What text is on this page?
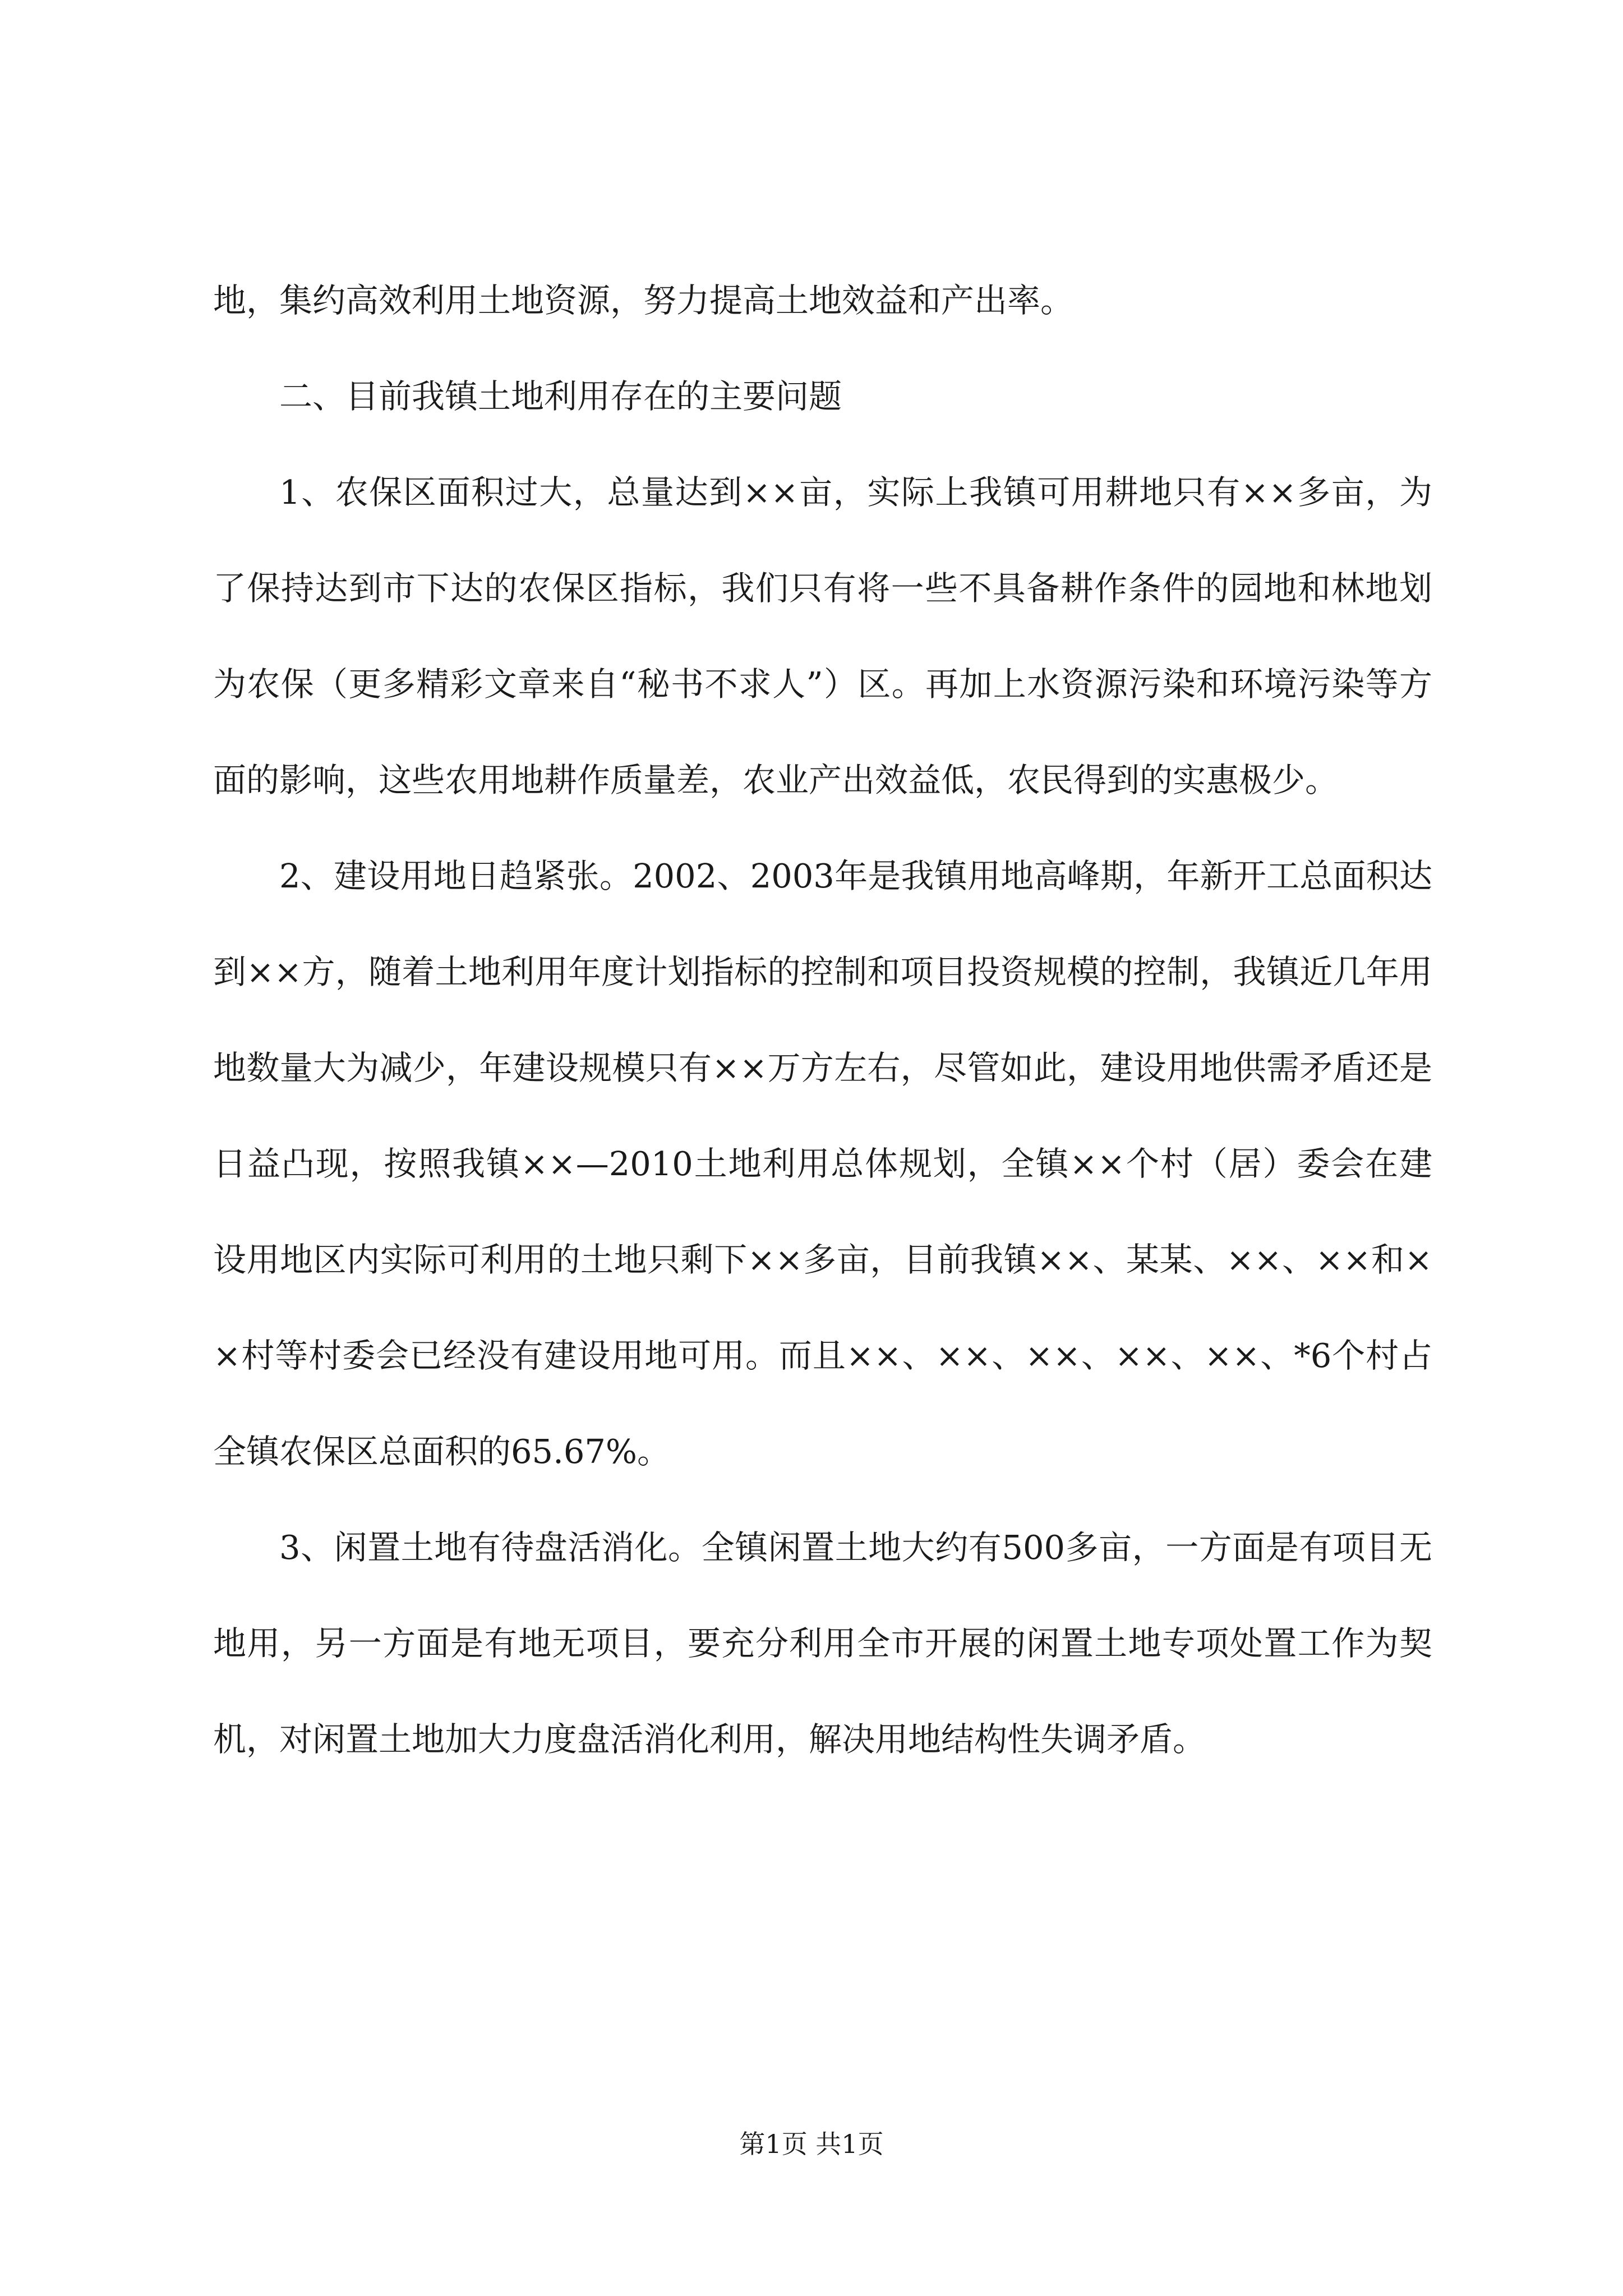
地，集约高效利用土地资源，努力提高土地效益和产出率。

二、目前我镇土地利用存在的主要问题

1、农保区面积过大，总量达到××亩，实际上我镇可用耕地只有××多亩，为了保持达到市下达的农保区指标，我们只有将一些不具备耕作条件的园地和林地划为农保（更多精彩文章来自“秘书不求人”）区。再加上水资源污染和环境污染等方面的影响，这些农用地耕作质量差，农业产出效益低，农民得到的实惠极少。

2、建设用地日趋紧张。2002、2003年是我镇用地高峰期，年新开工总面积达到××方，随着土地利用年度计划指标的控制和项目投资规模的控制，我镇近几年用地数量大为减少，年建设规模只有××万方左右，尽管如此，建设用地供需矛盾还是日益凸现，按照我镇××—2010土地利用总体规划，全镇××个村（居）委会在建设用地区内实际可利用的土地只剩下××多亩，目前我镇××、某某、××、××和××村等村委会已经没有建设用地可用。而且××、××、××、××、××、*6个村占全镇农保区总面积的65.67%。

3、闲置土地有待盘活消化。全镇闲置土地大约有500多亩，一方面是有项目无地用，另一方面是有地无项目，要充分利用全市开展的闲置土地专项处置工作为契机，对闲置土地加大力度盘活消化利用，解决用地结构性失调矛盾。

第1页 共1页
